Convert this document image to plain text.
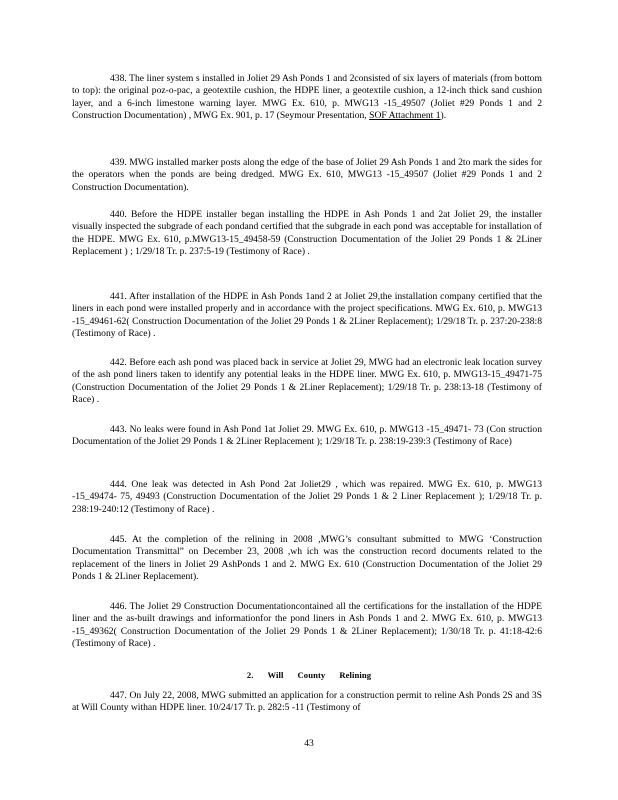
438. The liner system s installed in Joliet 29 Ash Ponds 1 and 2consisted of six layers of materials (from bottom to top): the original poz-o-pac, a geotextile cushion, the HDPE liner, a geotextile cushion, a 12-inch thick sand cushion layer, and a 6-inch limestone warning layer. MWG Ex. 610, p. MWG13 -15_49507 (Joliet #29 Ponds 1 and 2 Construction Documentation) , MWG Ex. 901, p. 17 (Seymour Presentation, SOF Attachment 1).

439. MWG installed marker posts along the edge of the base of Joliet 29 Ash Ponds 1 and 2to mark the sides for the operators when the ponds are being dredged. MWG Ex. 610, MWG13 -15_49507 (Joliet #29 Ponds 1 and 2 Construction Documentation).

440. Before the HDPE installer began installing the HDPE in Ash Ponds 1 and 2at Joliet 29, the installer visually inspected the subgrade of each pondand certified that the subgrade in each pond was acceptable for installation of the HDPE. MWG Ex. 610, p.MWG13-15_49458-59 (Construction Documentation of the Joliet 29 Ponds 1 & 2Liner Replacement ) ; 1/29/18 Tr. p. 237:5-19 (Testimony of Race) .

441. After installation of the HDPE in Ash Ponds 1and 2 at Joliet 29,the installation company certified that the liners in each pond were installed properly and in accordance with the project specifications. MWG Ex. 610, p. MWG13 -15_49461-62( Construction Documentation of the Joliet 29 Ponds 1 & 2Liner Replacement); 1/29/18 Tr. p. 237:20-238:8 (Testimony of Race) .

442. Before each ash pond was placed back in service at Joliet 29, MWG had an electronic leak location survey of the ash pond liners taken to identify any potential leaks in the HDPE liner. MWG Ex. 610, p. MWG13-15_49471-75 (Construction Documentation of the Joliet 29 Ponds 1 & 2Liner Replacement); 1/29/18 Tr. p. 238:13-18 (Testimony of Race) .

443. No leaks were found in Ash Pond 1at Joliet 29. MWG Ex. 610, p. MWG13 -15_49471- 73 (Con struction Documentation of the Joliet 29 Ponds 1 & 2Liner Replacement ); 1/29/18 Tr. p. 238:19-239:3 (Testimony of Race)

444. One leak was detected in Ash Pond 2at Joliet29 , which was repaired. MWG Ex. 610, p. MWG13 -15_49474- 75, 49493 (Construction Documentation of the Joliet 29 Ponds 1 & 2 Liner Replacement ); 1/29/18 Tr. p. 238:19-240:12 (Testimony of Race) .

445. At the completion of the relining in 2008 ,MWG’s consultant submitted to MWG ‘Construction Documentation Transmittal” on December 23, 2008 ,wh ich was the construction record documents related to the replacement of the liners in Joliet 29 AshPonds 1 and 2. MWG Ex. 610 (Construction Documentation of the Joliet 29 Ponds 1 & 2Liner Replacement).

446. The Joliet 29 Construction Documentationcontained all the certifications for the installation of the HDPE liner and the as-built drawings and informationfor the pond liners in Ash Ponds 1 and 2. MWG Ex. 610, p. MWG13 -15_49362( Construction Documentation of the Joliet 29 Ponds 1 & 2Liner Replacement); 1/30/18 Tr. p. 41:18-42:6 (Testimony of Race) .

2. Will County Relining

447. On July 22, 2008, MWG submitted an application for a construction permit to reline Ash Ponds 2S and 3S at Will County withan HDPE liner. 10/24/17 Tr. p. 282:5 -11 (Testimony of

43
